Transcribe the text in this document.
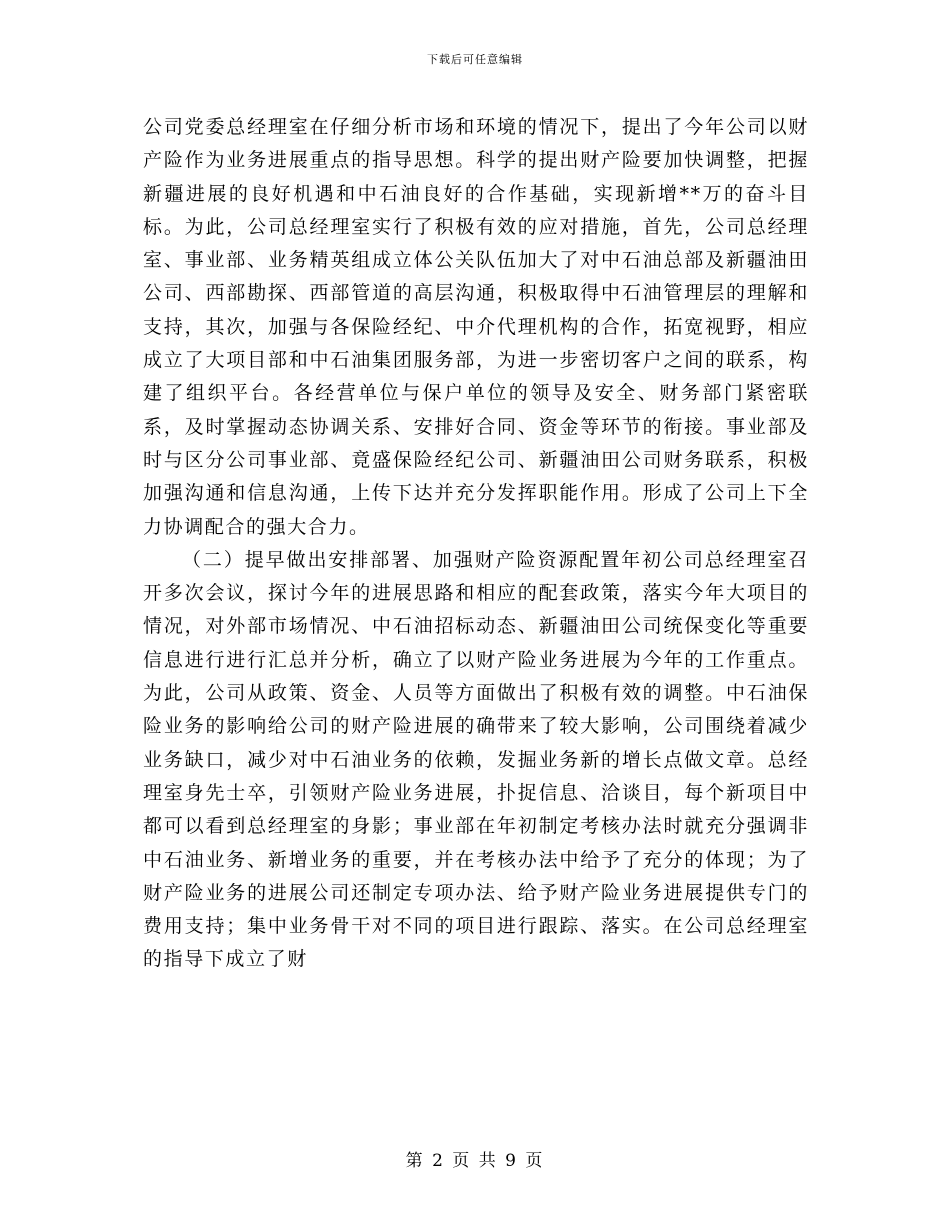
下载后可任意编辑

公司党委总经理室在仔细分析市场和环境的情况下，提出了今年公司以财产险作为业务进展重点的指导思想。科学的提出财产险要加快调整，把握新疆进展的良好机遇和中石油良好的合作基础，实现新增**万的奋斗目标。为此，公司总经理室实行了积极有效的应对措施，首先，公司总经理室、事业部、业务精英组成立体公关队伍加大了对中石油总部及新疆油田公司、西部勘探、西部管道的高层沟通，积极取得中石油管理层的理解和支持，其次，加强与各保险经纪、中介代理机构的合作，拓宽视野，相应成立了大项目部和中石油集团服务部，为进一步密切客户之间的联系，构建了组织平台。各经营单位与保户单位的领导及安全、财务部门紧密联系，及时掌握动态协调关系、安排好合同、资金等环节的衔接。事业部及时与区分公司事业部、竟盛保险经纪公司、新疆油田公司财务联系，积极加强沟通和信息沟通，上传下达并充分发挥职能作用。形成了公司上下全力协调配合的强大合力。

（二）提早做出安排部署、加强财产险资源配置年初公司总经理室召开多次会议，探讨今年的进展思路和相应的配套政策，落实今年大项目的情况，对外部市场情况、中石油招标动态、新疆油田公司统保变化等重要信息进行进行汇总并分析，确立了以财产险业务进展为今年的工作重点。为此，公司从政策、资金、人员等方面做出了积极有效的调整。中石油保险业务的影响给公司的财产险进展的确带来了较大影响，公司围绕着减少业务缺口，减少对中石油业务的依赖，发掘业务新的增长点做文章。总经理室身先士卒，引领财产险业务进展，扑捉信息、洽谈目，每个新项目中都可以看到总经理室的身影；事业部在年初制定考核办法时就充分强调非中石油业务、新增业务的重要，并在考核办法中给予了充分的体现；为了财产险业务的进展公司还制定专项办法、给予财产险业务进展提供专门的费用支持；集中业务骨干对不同的项目进行跟踪、落实。在公司总经理室的指导下成立了财

第 2 页 共 9 页
